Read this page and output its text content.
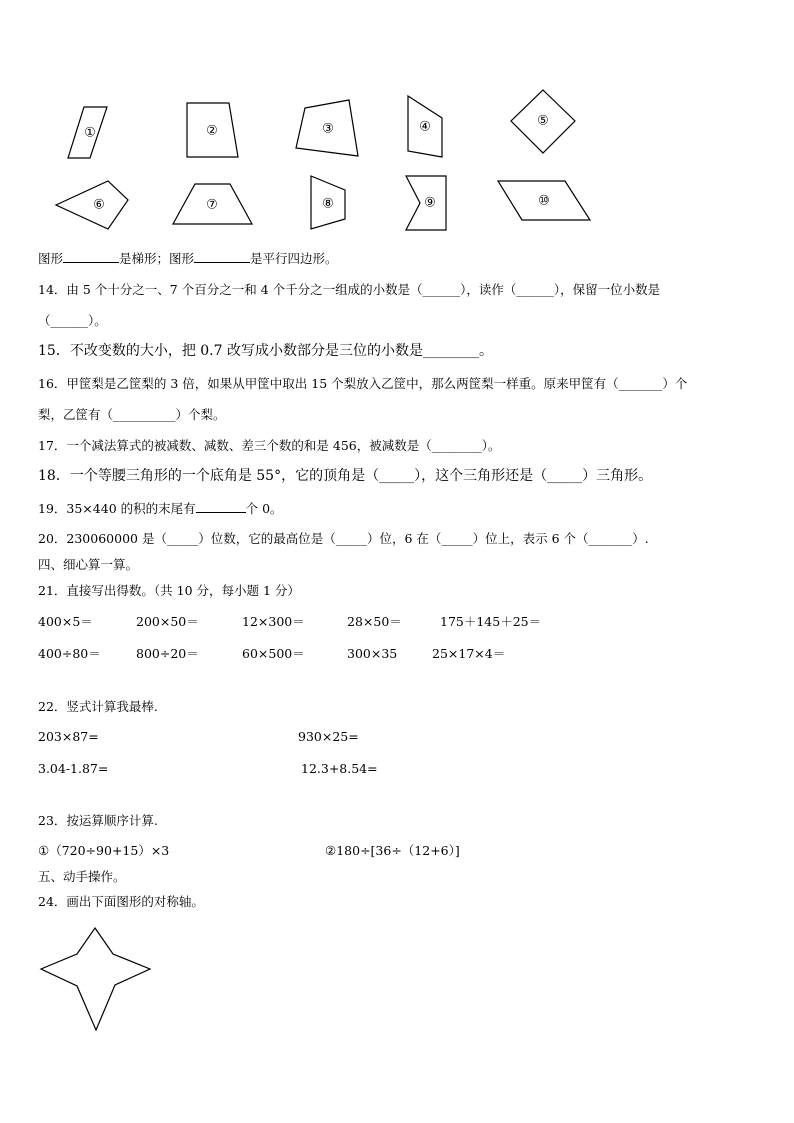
①	②	③	④	⑤
⑥	⑦	⑧	⑨	⑩
图形	是梯形；图形	是平行四边形。
14．由 5 个十分之一、7 个百分之一和 4 个千分之一组成的小数是（______），读作（______），保留一位小数是
（______）。
15．不改变数的大小，把 0.7 改写成小数部分是三位的小数是________。
16．甲筐梨是乙筐梨的 3 倍，如果从甲筐中取出 15 个梨放入乙筐中，那么两筐梨一样重。原来甲筐有（_______）个
梨，乙筐有（__________）个梨。
17．一个减法算式的被减数、减数、差三个数的和是 456，被减数是（________）。
18．一个等腰三角形的一个底角是 55°，它的顶角是（_____），这个三角形还是（_____）三角形。
19．35×440 的积的末尾有	个 0。
20．230060000 是（_____）位数，它的最高位是（_____）位，6 在（_____）位上，表示 6 个（_______）.
四、细心算一算。
21．直接写出得数。（共 10 分，每小题 1 分）
400×5＝	200×50＝	12×300＝	28×50＝	175＋145＋25＝
400÷80＝	800÷20＝	60×500＝	300×35	25×17×4＝
22．竖式计算我最棒.
203×87=	930×25=
3.04-1.87=	12.3+8.54=
23．按运算顺序计算.
①（720÷90+15）×3	②180÷[36÷（12+6）]
五、动手操作。
24．画出下面图形的对称轴。
